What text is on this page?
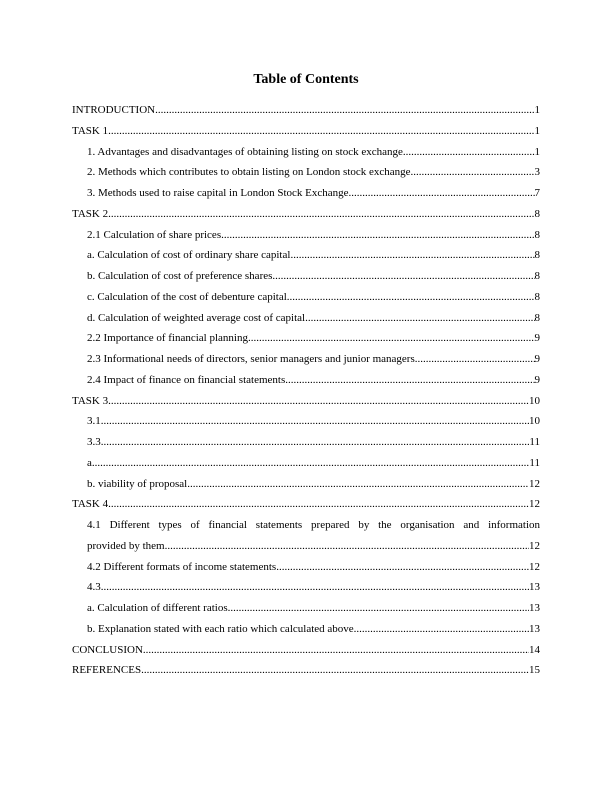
Table of Contents
INTRODUCTION .....	1
TASK 1 .....	1
1. Advantages and disadvantages of obtaining listing on stock exchange .....	1
2. Methods which contributes to obtain listing on London stock exchange .....	3
3. Methods used to raise capital in London Stock Exchange .....	7
TASK 2 .....	8
2.1 Calculation of share prices .....	8
a. Calculation of cost of ordinary share capital .....	8
b. Calculation of cost of preference shares .....	8
c. Calculation of the cost of debenture capital .....	8
d. Calculation of weighted average cost of capital .....	8
2.2 Importance of financial planning .....	9
2.3 Informational needs of directors, senior managers and junior managers .....	9
2.4 Impact of finance on financial statements .....	9
TASK 3 .....	10
3.1 .....	10
3.3 .....	11
a. .....	11
b. viability of proposal .....	12
TASK 4 .....	12
4.1 Different types of financial statements prepared by the organisation and information
provided by them .....	12
4.2 Different formats of income statements .....	12
4.3 .....	13
a. Calculation of different ratios .....	13
b. Explanation stated with each ratio which calculated above .....	13
CONCLUSION .....	14
REFERENCES .....	15
